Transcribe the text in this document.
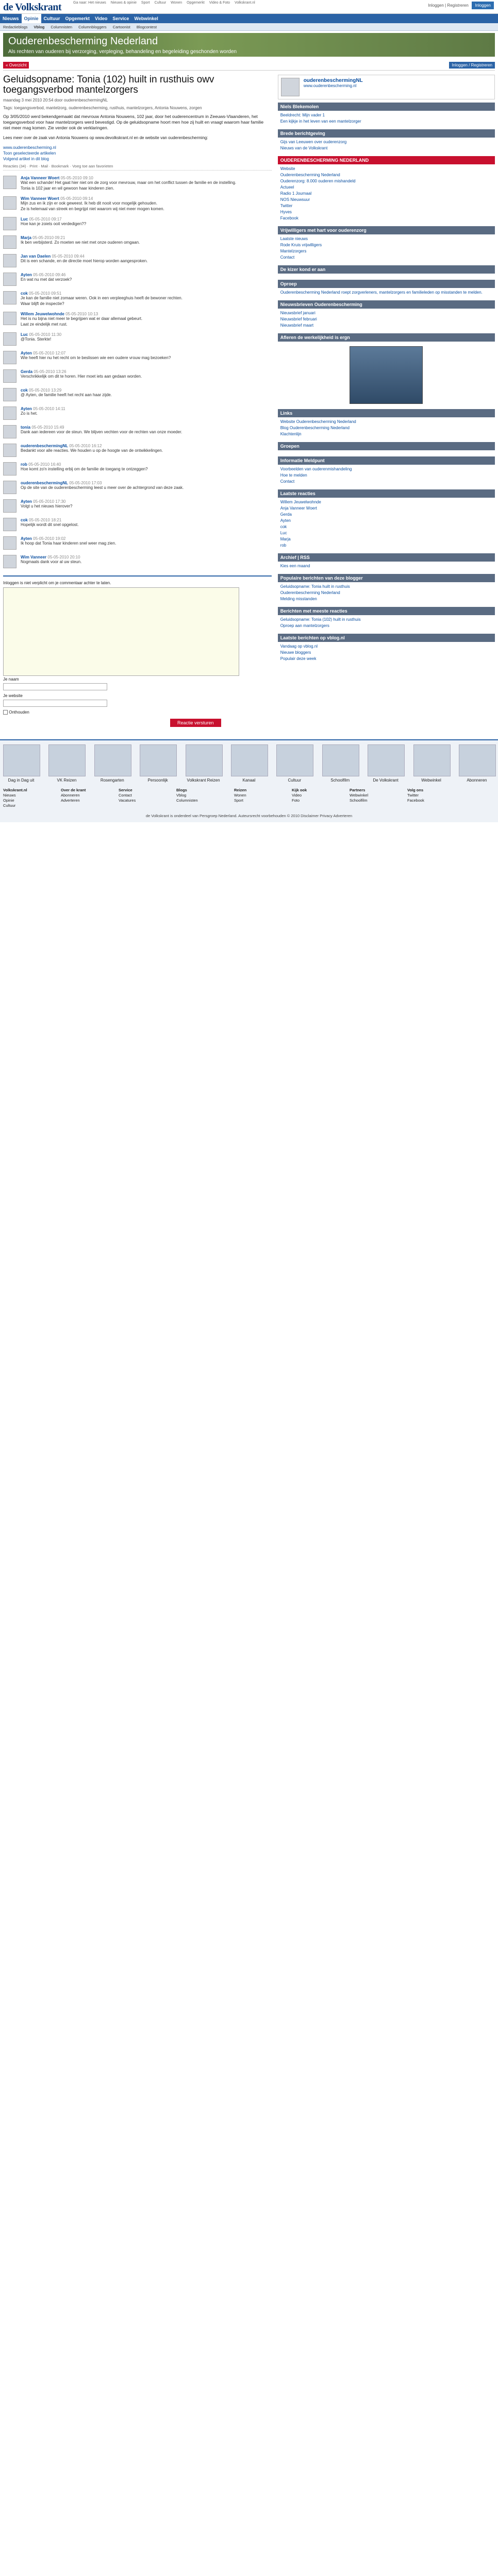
de Volkskrant	Ga naar: Het nieuws Nieuws & opinie Sport Cultuur Wonen Opgemerkt Video & Foto Volkskrant.nl
Inloggen | Registreren Inloggen
Nieuws	Opinie	Cultuur	Opgemerkt	Video	Service	Webwinkel
Redactieblogs	Vblog	Columnisten	Columnbloggers	Cartoonist	Blogcontest
Ouderenbescherming Nederland
Als rechten van ouderen bij verzorging, verpleging, behandeling en begeleiding geschonden worden
« Overzicht	Inloggen / Registreren
Geluidsopname: Tonia (102) huilt in rusthuis owv toegangsverbod mantelzorgers
maandag 3 mei 2010 20:54 door ouderenbeschermingNL
Tags: toegangsverbod, mantelzorg, ouderenbescherming, rusthuis, mantelzorgers, Antonia Nouwens, zorgen
Op 3/05/2010 werd bekendgemaakt dat mevrouw Antonia Nouwens, 102 jaar, door het ouderencentrum in Zeeuws-Vlaanderen, het toegangsverbod voor haar mantelzorgers werd bevestigd. Op de geluidsopname hoort men hoe zij huilt en vraagt waarom haar familie niet meer mag komen. Zie verder ook de verklaringen.
Lees meer over de zaak van Antonia Nouwens op www.devolkskrant.nl en de website van ouderenbescherming:
www.ouderenbescherming.nl
Toon geselecteerde artikelen
Volgend artikel in dit blog
Reacties (34) · Print · Mail · Bookmark · Voeg toe aan favorieten
Anja Vanneer Woert 05-05-2010 09:10
Wat een schande! Het gaat hier niet om de zorg voor mevrouw, maar om het conflict tussen de familie en de instelling.
Tonia is 102 jaar en wil gewoon haar kinderen zien.
Wim Vanneer Woert 05-05-2010 09:14
Mijn zus en ik zijn er ook geweest. Ik heb dit nooit voor mogelijk gehouden.
Ze is helemaal van streek en begrijpt niet waarom wij niet meer mogen komen.
Luc 05-05-2010 09:17
Hoe kan je zoiets ooit verdedigen??
Marja 05-05-2010 09:21
Ik ben verbijsterd. Zo moeten we niet met onze ouderen omgaan.
Jan van Daelen 05-05-2010 09:44
Dit is een schande, en de directie moet hierop worden aangesproken.
Ayten 05-05-2010 09:46
En wat nu met dat verzoek?
cok 05-05-2010 09:51
Je kan de familie niet zomaar weren. Ook in een verpleeghuis heeft de bewoner rechten.
Waar blijft de inspectie?
Willem Jeuwelwohnde 05-05-2010 10:13
Het is nu bijna niet meer te begrijpen wat er daar allemaal gebeurt.
Laat ze eindelijk met rust.
Luc 05-05-2010 11:30
@Tonia. Sterkte!
Ayten 05-05-2010 12:07
Wie heeft hier nu het recht om te beslissen wie een oudere vrouw mag bezoeken?
Gerda 05-05-2010 13:26
Verschrikkelijk om dit te horen. Hier moet iets aan gedaan worden.
cok 05-05-2010 13:29
@ Ayten, de familie heeft het recht aan haar zijde.
Ayten 05-05-2010 14:11
Zo is het.
tonia 05-05-2010 15:49
Dank aan iedereen voor de steun. We blijven vechten voor de rechten van onze moeder.
ouderenbeschermingNL 05-05-2010 16:12
Bedankt voor alle reacties. We houden u op de hoogte van de ontwikkelingen.
rob 05-05-2010 16:40
Hoe komt zo'n instelling erbij om de familie de toegang te ontzeggen?
ouderenbeschermingNL 05-05-2010 17:03
Op de site van de ouderenbescherming leest u meer over de achtergrond van deze zaak.
Ayten 05-05-2010 17:30
Volgt u het nieuws hierover?
cok 05-05-2010 18:21
Hopelijk wordt dit snel opgelost.
Ayten 05-05-2010 19:02
Ik hoop dat Tonia haar kinderen snel weer mag zien.
Wim Vanneer 05-05-2010 20:10
Nogmaals dank voor al uw steun.
Inloggen is niet verplicht om je commentaar achter te laten.
Je naam
Je website
Onthouden
Reactie versturen
ouderenbeschermingNL
www.ouderenbescherming.nl
Niels Blekemolen
Beeldrecht: Mijn vader 1
Een kijkje in het leven van een mantelzorger
Brede berichtgeving
Gijs van Leeuwen over ouderenzorg
Nieuws van de Volkskrant
OUDERENBESCHERMING NEDERLAND
Website
Ouderenbescherming Nederland
Ouderenzorg: 8.000 ouderen mishandeld
Actueel
Radio 1 Journaal
NOS Nieuwsuur
Twitter
Hyves
Facebook
Vrijwilligers met hart voor ouderenzorg
Laatste nieuws
Rode Kruis vrijwilligers
Mantelzorgers
Contact
De kizer kond er aan
Oproep
Ouderenbescherming Nederland roept zorgverleners, mantelzorgers en familieleden op misstanden te melden.
Nieuwsbrieven Ouderenbescherming
Nieuwsbrief januari
Nieuwsbrief februari
Nieuwsbrief maart
Afleren de werkelijkheid is ergn
Links
Website Ouderenbescherming Nederland
Blog Ouderenbescherming Nederland
Klachtenlijn
Groepen
Informatie Meldpunt
Voorbeelden van ouderenmishandeling
Hoe te melden
Contact
Laatste reacties
Willem Jeuwelwohnde
Anja Vanneer Woert
Gerda
Ayten
cok
Luc
Marja
rob
Archief | RSS
Kies een maand
Populaire berichten van deze blogger
Geluidsopname: Tonia huilt in rusthuis
Ouderenbescherming Nederland
Melding misstanden
Berichten met meeste reacties
Geluidsopname: Tonia (102) huilt in rusthuis
Oproep aan mantelzorgers
Laatste berichten op vblog.nl
Vandaag op vblog.nl
Nieuwe bloggers
Populair deze week
Dag in Dag uit	VK Reizen	Rosengarten	Persoonlijk	Volkskrant Reizen	Kanaal	Cultuur	Schoolfilm	De Volkskrant	Webwinkel	Abonneren
Volkskrant.nl
Nieuws
Opinie
Cultuur
Over de krant
Abonneren
Adverteren
Service
Contact
Vacatures
Blogs
Vblog
Columnisten
Reizen
Wonen
Sport
Kijk ook
Video
Foto
Partners
Webwinkel
Schoolfilm
Volg ons
Twitter
Facebook
de Volkskrant is onderdeel van Persgroep Nederland. Auteursrecht voorbehouden © 2010 Disclaimer Privacy Adverteren
